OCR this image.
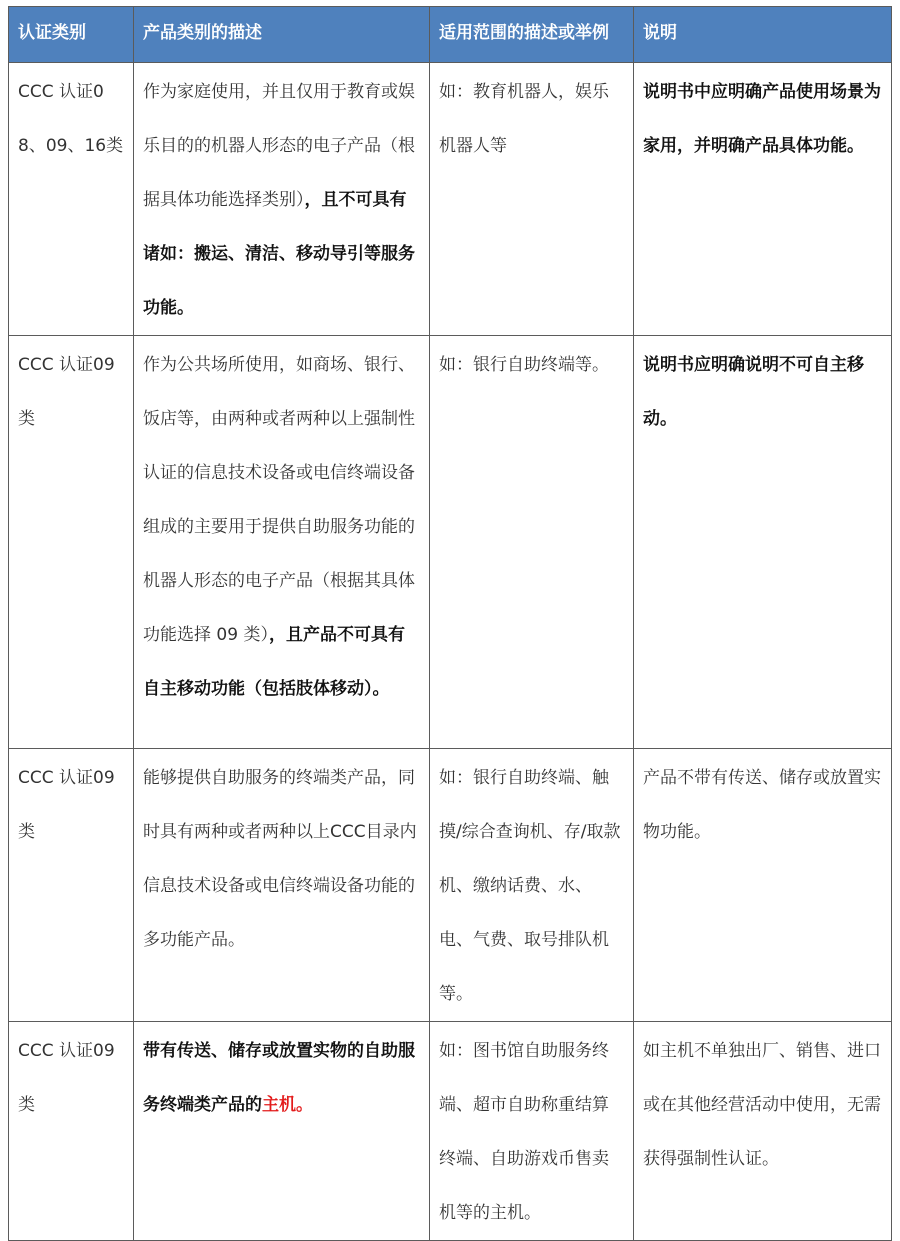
认证类别	产品类别的描述	适用范围的描述或举例	说明
CCC 认证08、09、16类	作为家庭使用，并且仅用于教育或娱乐目的的机器人形态的电子产品（根据具体功能选择类别），且不可具有诸如：搬运、清洁、移动导引等服务功能。	如：教育机器人，娱乐机器人等	说明书中应明确产品使用场景为家用，并明确产品具体功能。
CCC 认证09 类	作为公共场所使用，如商场、银行、饭店等，由两种或者两种以上强制性认证的信息技术设备或电信终端设备组成的主要用于提供自助服务功能的机器人形态的电子产品（根据其具体功能选择 09 类），且产品不可具有自主移动功能（包括肢体移动）。	如：银行自助终端等。	说明书应明确说明不可自主移动。
CCC 认证09 类	能够提供自助服务的终端类产品，同时具有两种或者两种以上CCC目录内信息技术设备或电信终端设备功能的多功能产品。	如：银行自助终端、触摸/综合查询机、存/取款机、缴纳话费、水、电、气费、取号排队机等。	产品不带有传送、储存或放置实物功能。
CCC 认证09 类	带有传送、储存或放置实物的自助服务终端类产品的主机。	如：图书馆自助服务终端、超市自助称重结算终端、自助游戏币售卖机等的主机。	如主机不单独出厂、销售、进口或在其他经营活动中使用，无需获得强制性认证。
